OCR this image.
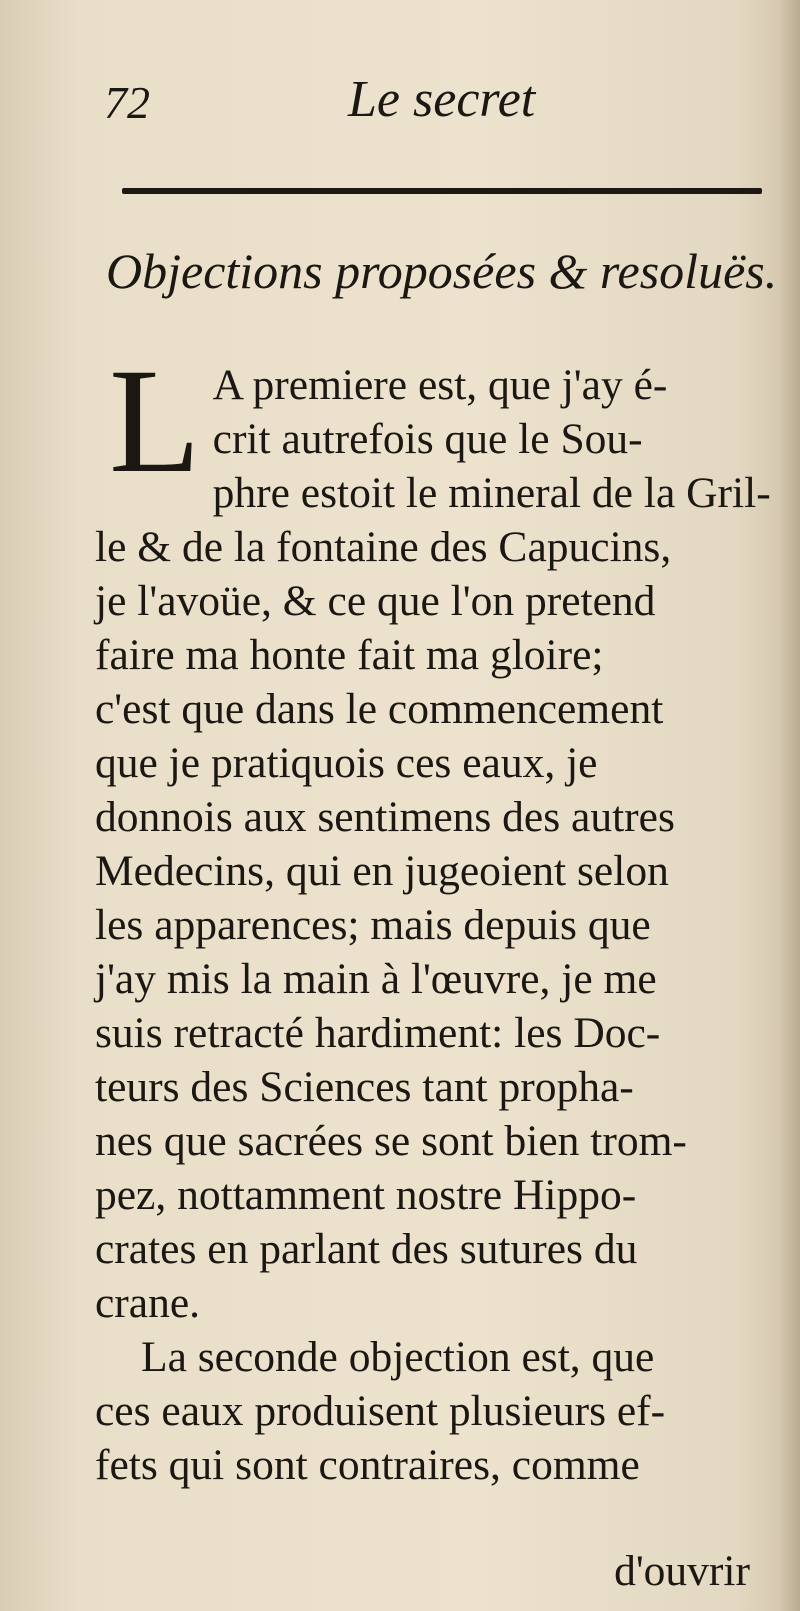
72	Le secret
Objections proposées & resoluës.
L A premiere est, que j'ay é-
crit autrefois que le Sou-
phre estoit le mineral de la Gril-
le & de la fontaine des Capucins,
je l'avoüe, & ce que l'on pretend
faire ma honte fait ma gloire;
c'est que dans le commencement
que je pratiquois ces eaux, je
donnois aux sentimens des autres
Medecins, qui en jugeoient selon
les apparences; mais depuis que
j'ay mis la main à l'œuvre, je me
suis retracté hardiment: les Doc-
teurs des Sciences tant propha-
nes que sacrées se sont bien trom-
pez, nottamment nostre Hippo-
crates en parlant des sutures du
crane.
La seconde objection est, que
ces eaux produisent plusieurs ef-
fets qui sont contraires, comme
d'ouvrir
